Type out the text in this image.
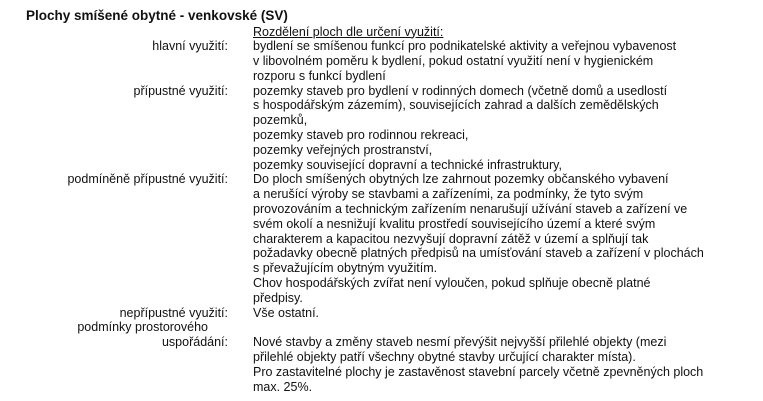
Plochy smíšené obytné - venkovské (SV)
Rozdělení ploch dle určení využití:
hlavní využití: bydlení se smíšenou funkcí pro podnikatelské aktivity a veřejnou vybavenost
v libovolném poměru k bydlení, pokud ostatní využití není v hygienickém
rozporu s funkcí bydlení
přípustné využití: pozemky staveb pro bydlení v rodinných domech (včetně domů a usedlostí
s hospodářským zázemím), souvisejících zahrad a dalších zemědělských
pozemků,
pozemky staveb pro rodinnou rekreaci,
pozemky veřejných prostranství,
pozemky související dopravní a technické infrastruktury,
podmíněně přípustné využití: Do ploch smíšených obytných lze zahrnout pozemky občanského vybavení
a nerušící výroby se stavbami a zařízeními, za podmínky, že tyto svým
provozováním a technickým zařízením nenarušují užívání staveb a zařízení ve
svém okolí a nesnižují kvalitu prostředí souvisejícího území a které svým
charakterem a kapacitou nezvyšují dopravní zátěž v území a splňují tak
požadavky obecně platných předpisů na umísťování staveb a zařízení v plochách
s převažujícím obytným využitím.
Chov hospodářských zvířat není vyloučen, pokud splňuje obecně platné
předpisy.
nepřípustné využití: Vše ostatní.
podmínky prostorového
uspořádání: Nové stavby a změny staveb nesmí převýšit nejvyšší přilehlé objekty (mezi
přilehlé objekty patří všechny obytné stavby určující charakter místa).
Pro zastavitelné plochy je zastavěnost stavební parcely včetně zpevněných ploch
max. 25%.
